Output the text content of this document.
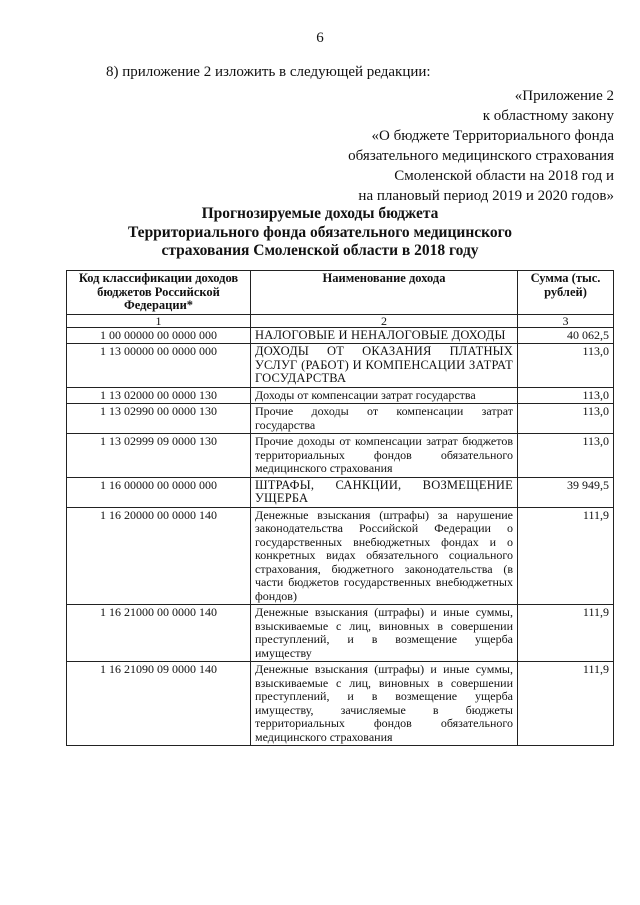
6
8) приложение 2 изложить в следующей редакции:
«Приложение 2
к областному закону
«О бюджете Территориального фонда
обязательного медицинского страхования
Смоленской области на 2018 год и
на плановый период 2019 и 2020 годов»
Прогнозируемые доходы бюджета
Территориального фонда обязательного медицинского
страхования Смоленской области в 2018 году
Код классификации доходов бюджетов Российской Федерации*	Наименование дохода	Сумма (тыс. рублей)
1	2	3
1 00 00000 00 0000 000	НАЛОГОВЫЕ И НЕНАЛОГОВЫЕ ДОХОДЫ	40 062,5
1 13 00000 00 0000 000	ДОХОДЫ ОТ ОКАЗАНИЯ ПЛАТНЫХ УСЛУГ (РАБОТ) И КОМПЕНСАЦИИ ЗАТРАТ ГОСУДАРСТВА	113,0
1 13 02000 00 0000 130	Доходы от компенсации затрат государства	113,0
1 13 02990 00 0000 130	Прочие доходы от компенсации затрат государства	113,0
1 13 02999 09 0000 130	Прочие доходы от компенсации затрат бюджетов территориальных фондов обязательного медицинского страхования	113,0
1 16 00000 00 0000 000	ШТРАФЫ, САНКЦИИ, ВОЗМЕЩЕНИЕ УЩЕРБА	39 949,5
1 16 20000 00 0000 140	Денежные взыскания (штрафы) за нарушение законодательства Российской Федерации о государственных внебюджетных фондах и о конкретных видах обязательного социального страхования, бюджетного законодательства (в части бюджетов государственных внебюджетных фондов)	111,9
1 16 21000 00 0000 140	Денежные взыскания (штрафы) и иные суммы, взыскиваемые с лиц, виновных в совершении преступлений, и в возмещение ущерба имуществу	111,9
1 16 21090 09 0000 140	Денежные взыскания (штрафы) и иные суммы, взыскиваемые с лиц, виновных в совершении преступлений, и в возмещение ущерба имуществу, зачисляемые в бюджеты территориальных фондов обязательного медицинского страхования	111,9
